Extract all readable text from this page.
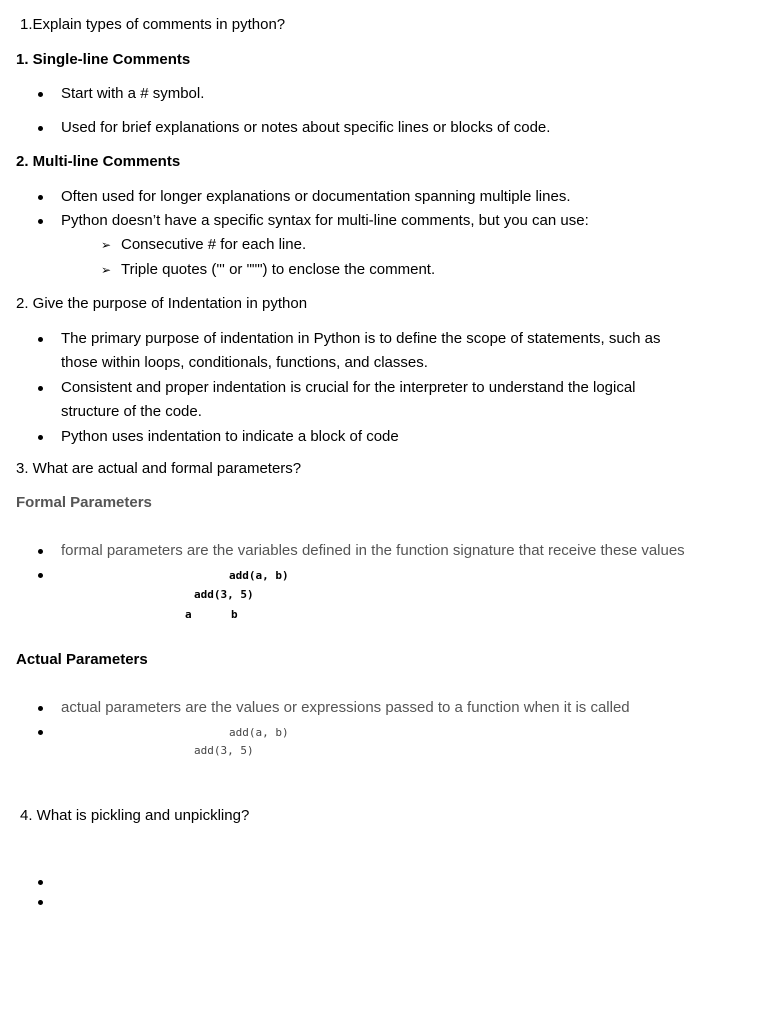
1.Explain types of comments in python?
1. Single-line Comments
Start with a # symbol.
Used for brief explanations or notes about specific lines or blocks of code.
2. Multi-line Comments
Often used for longer explanations or documentation spanning multiple lines.
Python doesn’t have a specific syntax for multi-line comments, but you can use:
➢ Consecutive # for each line.
➢ Triple quotes (''' or """) to enclose the comment.
2. Give the purpose of Indentation in python
The primary purpose of indentation in Python is to define the scope of statements, such as
those within loops, conditionals, functions, and classes.
Consistent and proper indentation is crucial for the interpreter to understand the logical
structure of the code.
Python uses indentation to indicate a block of code
3. What are actual and formal parameters?
Formal Parameters
formal parameters are the variables defined in the function signature that receive these values
add(a, b)
add(3, 5)
a	b
Actual Parameters
actual parameters are the values or expressions passed to a function when it is called
add(a, b)
add(3, 5)
4. What is pickling and unpickling?
